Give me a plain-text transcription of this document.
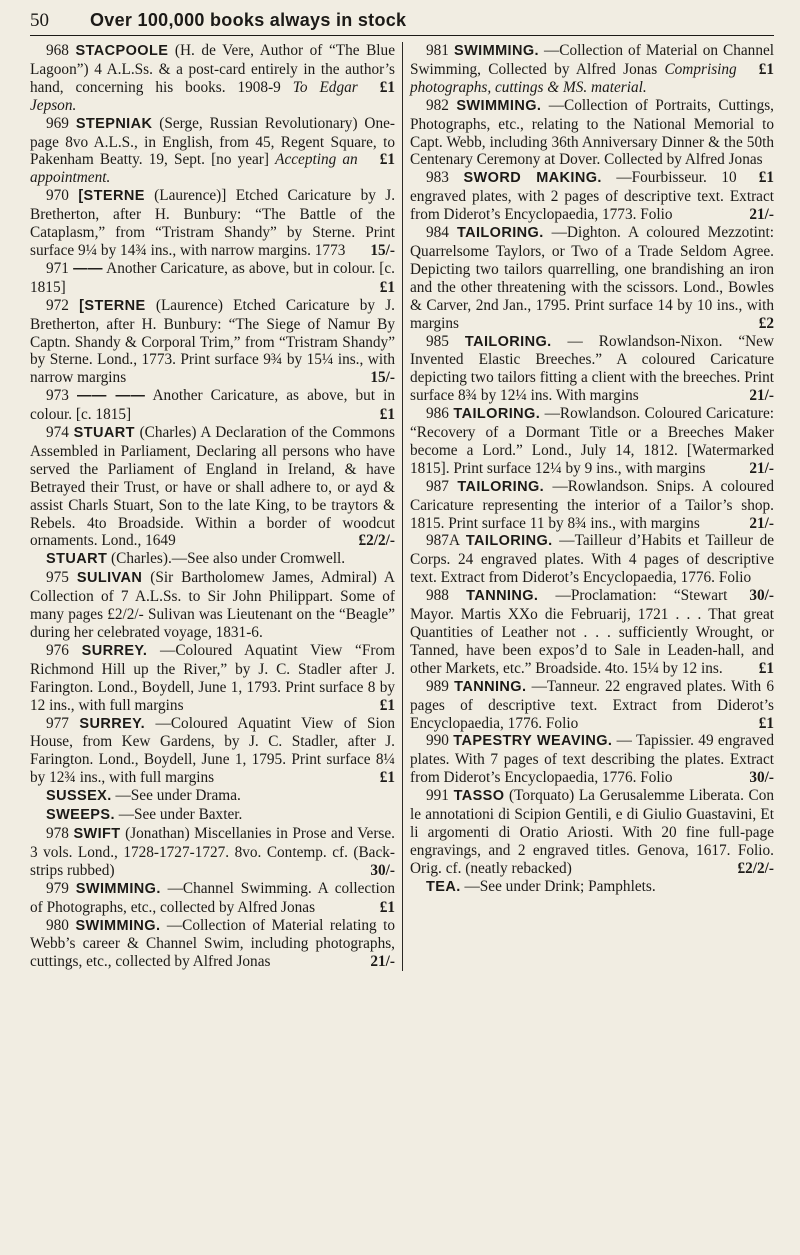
50	Over 100,000 books always in stock

968 STACPOOLE (H. de Vere, Author of “The Blue Lagoon”) 4 A.L.Ss. & a post-card entirely in the author’s hand, concerning his books. 1908-9	£1
To Edgar Jepson.

969 STEPNIAK (Serge, Russian Revolutionary) One-page 8vo A.L.S., in English, from 45, Regent Square, to Pakenham Beatty. 19, Sept. [no year]	£1
Accepting an appointment.

970 [STERNE (Laurence)] Etched Caricature by J. Bretherton, after H. Bunbury: “The Battle of the Cataplasm,” from “Tristram Shandy” by Sterne. Print surface 9¼ by 14¾ ins., with narrow margins. 1773	15/-

971 —— Another Caricature, as above, but in colour. [c. 1815]	£1

972 [STERNE (Laurence) Etched Caricature by J. Bretherton, after H. Bunbury: “The Siege of Namur By Captn. Shandy & Corporal Trim,” from “Tristram Shandy” by Sterne. Lond., 1773. Print surface 9¾ by 15¼ ins., with narrow margins	15/-

973 —— —— Another Caricature, as above, but in colour. [c. 1815]	£1

974 STUART (Charles) A Declaration of the Commons Assembled in Parliament, Declaring all persons who have served the Parliament of England in Ireland, & have Betrayed their Trust, or have or shall adhere to, or ayd & assist Charls Stuart, Son to the late King, to be traytors & Rebels. 4to Broadside. Within a border of woodcut ornaments. Lond., 1649	£2/2/-

STUART (Charles).—See also under Cromwell.

975 SULIVAN (Sir Bartholomew James, Admiral) A Collection of 7 A.L.Ss. to Sir John Philippart. Some of many pages £2/2/- Sulivan was Lieutenant on the “Beagle” during her celebrated voyage, 1831-6.

976 SURREY. —Coloured Aquatint View “From Richmond Hill up the River,” by J. C. Stadler after J. Farington. Lond., Boydell, June 1, 1793. Print surface 8 by 12 ins., with full margins	£1

977 SURREY. —Coloured Aquatint View of Sion House, from Kew Gardens, by J. C. Stadler, after J. Farington. Lond., Boydell, June 1, 1795. Print surface 8¼ by 12¾ ins., with full margins	£1

SUSSEX. —See under Drama.

SWEEPS. —See under Baxter.

978 SWIFT (Jonathan) Miscellanies in Prose and Verse. 3 vols. Lond., 1728-1727-1727. 8vo. Contemp. cf. (Back-strips rubbed)	30/-

979 SWIMMING. —Channel Swimming. A collection of Photographs, etc., collected by Alfred Jonas	£1

980 SWIMMING. —Collection of Material relating to Webb’s career & Channel Swim, including photographs, cuttings, etc., collected by Alfred Jonas	21/-

981 SWIMMING. —Collection of Material on Channel Swimming, Collected by Alfred Jonas	£1
Comprising photographs, cuttings & MS. material.

982 SWIMMING. —Collection of Portraits, Cuttings, Photographs, etc., relating to the National Memorial to Capt. Webb, including 36th Anniversary Dinner & the 50th Centenary Ceremony at Dover. Collected by Alfred Jonas
£1

983 SWORD MAKING. —Fourbisseur. 10 engraved plates, with 2 pages of descriptive text. Extract from Diderot’s Encyclopaedia, 1773. Folio	21/-

984 TAILORING. —Dighton. A coloured Mezzotint: Quarrelsome Taylors, or Two of a Trade Seldom Agree. Depicting two tailors quarrelling, one brandishing an iron and the other threatening with the scissors. Lond., Bowles & Carver, 2nd Jan., 1795. Print surface 14 by 10 ins., with margins	£2

985 TAILORING. — Rowlandson-Nixon. “New Invented Elastic Breeches.” A coloured Caricature depicting two tailors fitting a client with the breeches. Print surface 8¾ by 12¼ ins. With margins	21/-

986 TAILORING. —Rowlandson. Coloured Caricature: “Recovery of a Dormant Title or a Breeches Maker become a Lord.” Lond., July 14, 1812. [Watermarked 1815]. Print surface 12¼ by 9 ins., with margins	21/-

987 TAILORING. —Rowlandson. Snips. A coloured Caricature representing the interior of a Tailor’s shop. 1815. Print surface 11 by 8¾ ins., with margins	21/-

987A TAILORING. —Tailleur d’Habits et Tailleur de Corps. 24 engraved plates. With 4 pages of descriptive text. Extract from Diderot’s Encyclopaedia, 1776. Folio
30/-

988 TANNING. —Proclamation: “Stewart Mayor. Martis XXo die Februarij, 1721 . . . That great Quantities of Leather not . . . sufficiently Wrought, or Tanned, have been expos’d to Sale in Leaden-hall, and other Markets, etc.” Broadside. 4to. 15¼ by 12 ins.	£1

989 TANNING. —Tanneur. 22 engraved plates. With 6 pages of descriptive text. Extract from Diderot’s Encyclopaedia, 1776. Folio	£1

990 TAPESTRY WEAVING. — Tapissier. 49 engraved plates. With 7 pages of text describing the plates. Extract from Diderot’s Encyclopaedia, 1776. Folio	30/-

991 TASSO (Torquato) La Gerusalemme Liberata. Con le annotationi di Scipion Gentili, e di Giulio Guastavini, Et li argomenti di Oratio Ariosti. With 20 fine full-page engravings, and 2 engraved titles. Genova, 1617. Folio. Orig. cf. (neatly rebacked)	£2/2/-

TEA. —See under Drink; Pamphlets.
